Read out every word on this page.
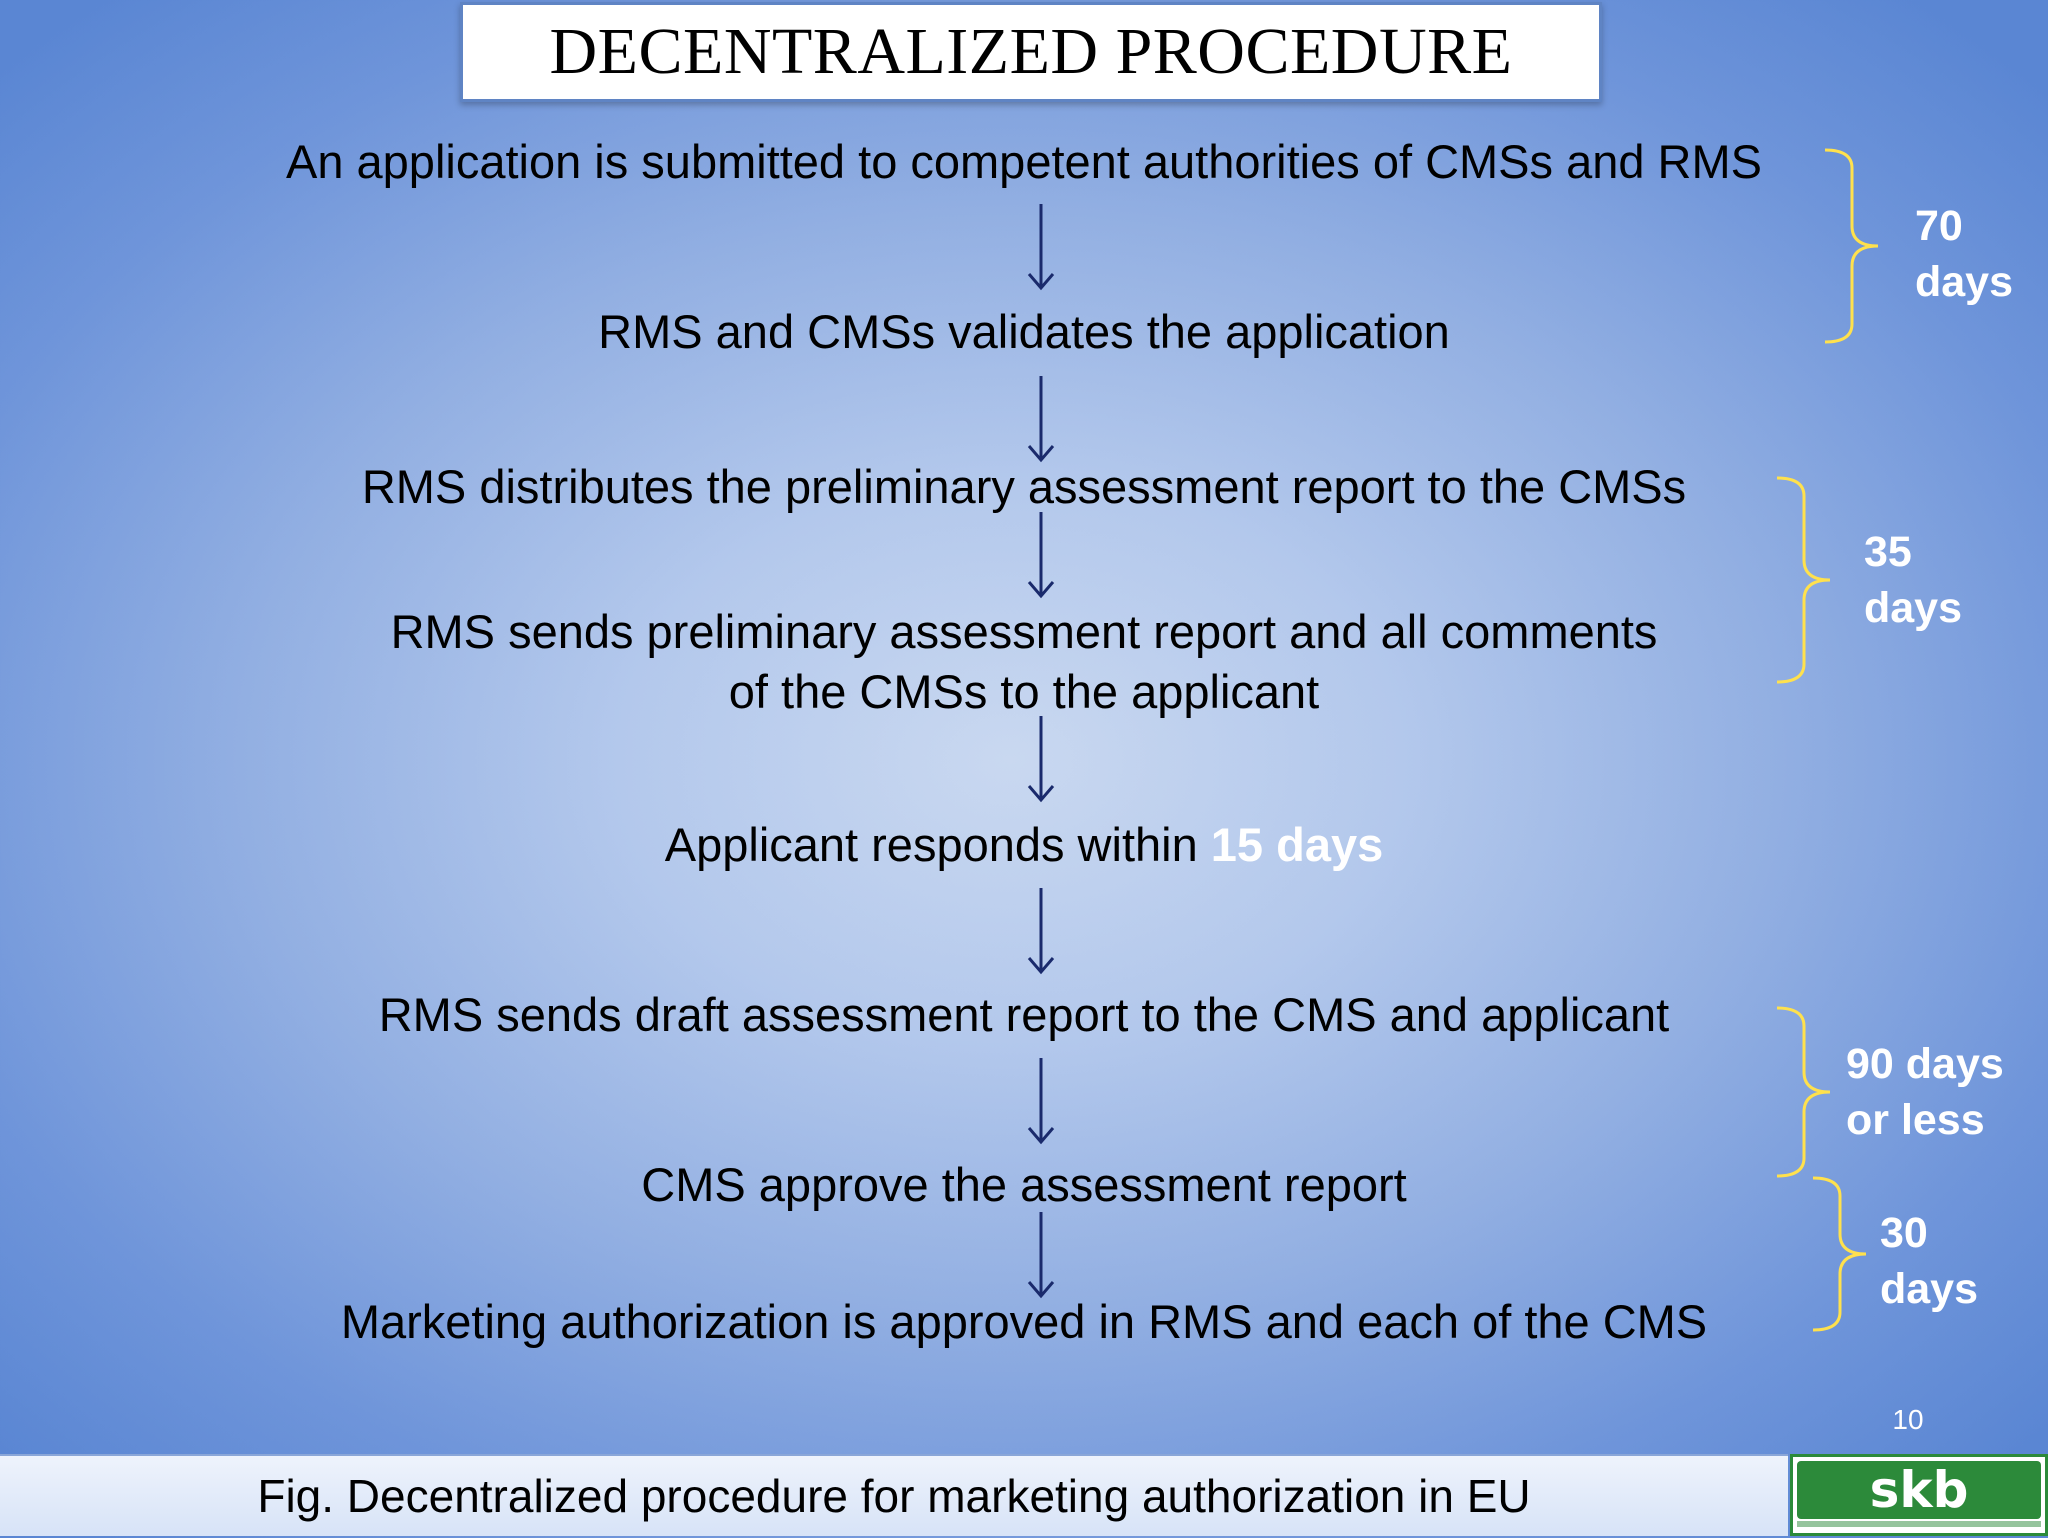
DECENTRALIZED PROCEDURE
An application is submitted to competent authorities of CMSs and RMS
RMS and CMSs validates the application
RMS distributes the preliminary assessment report to the CMSs
RMS sends preliminary assessment report and all comments
of the CMSs to the applicant
Applicant responds within 15 days
RMS sends draft assessment report to the CMS and applicant
CMS approve the assessment report
Marketing authorization is approved in RMS and each of the CMS
70
days
35
days
90 days
or less
30
days
10
Fig. Decentralized procedure for marketing authorization in EU	skb
